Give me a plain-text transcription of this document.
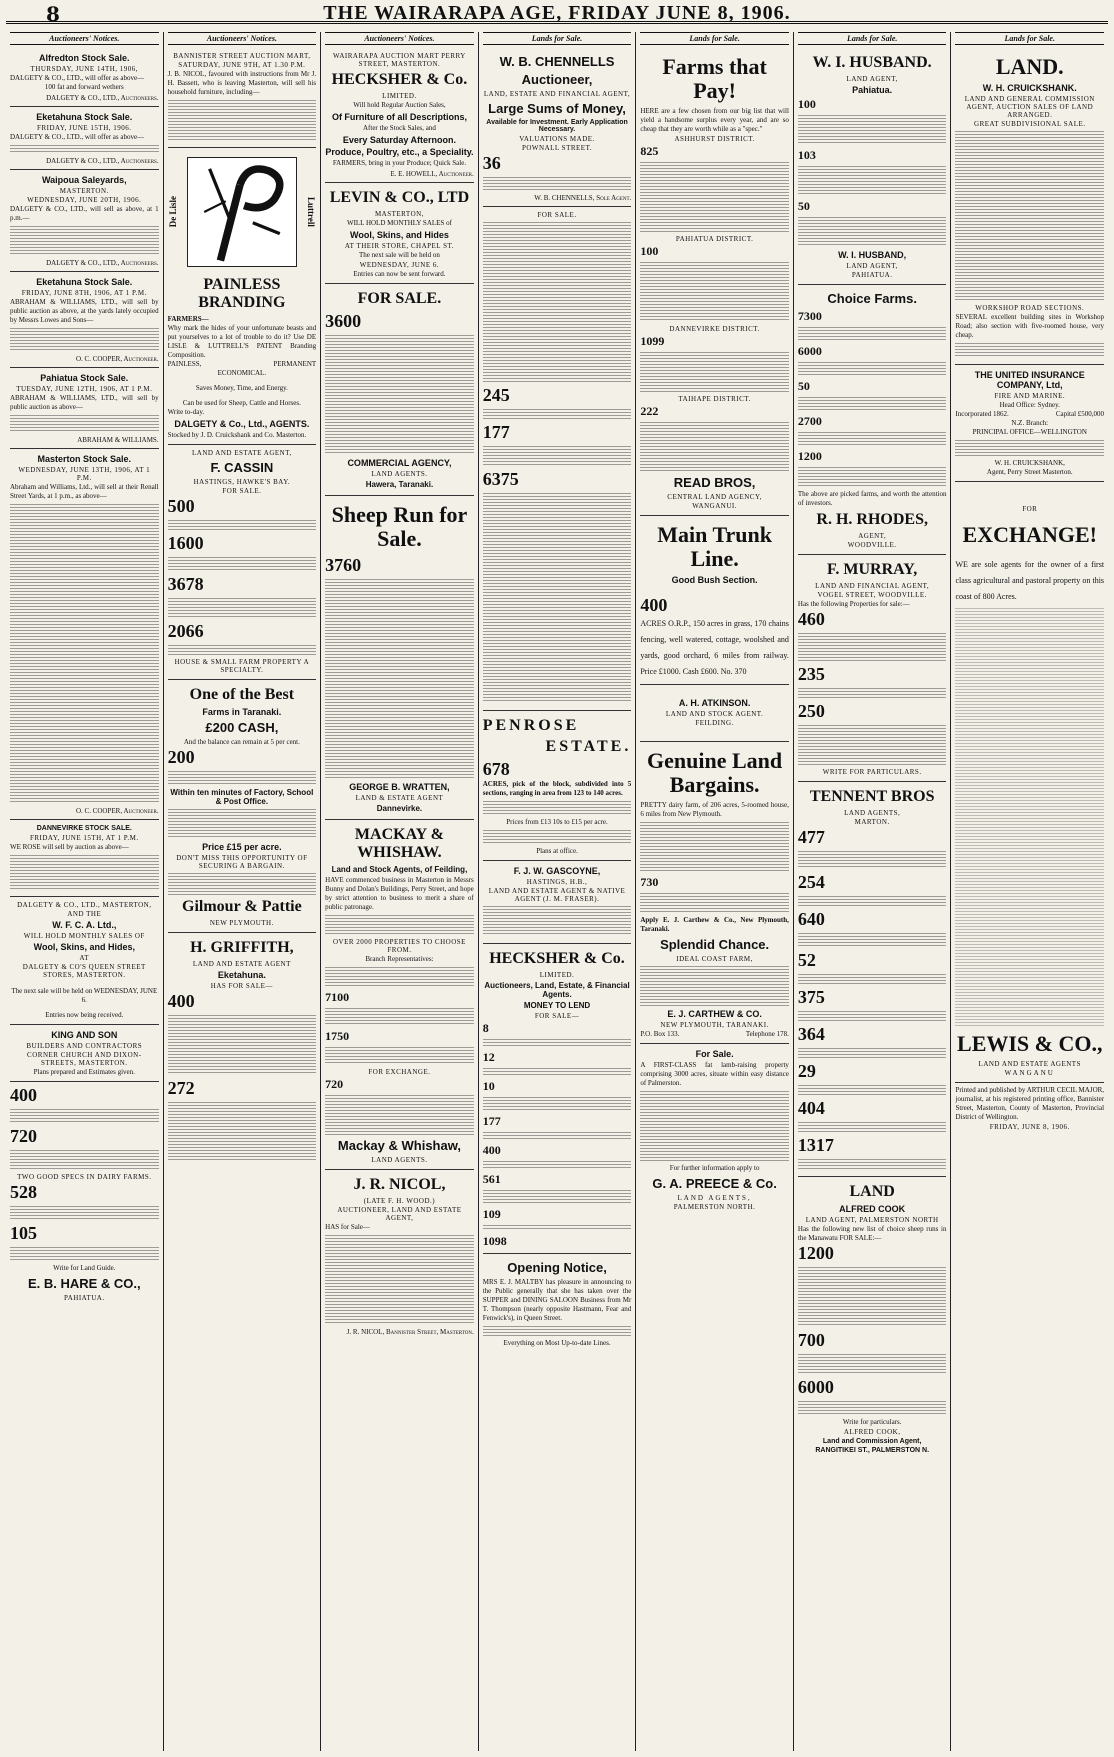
8	THE WAIRARAPA AGE, FRIDAY JUNE 8, 1906.
Auctioneers' Notices.
Alfredton Stock Sale.
THURSDAY, JUNE 14TH, 1906,
DALGETY & CO., LTD., will offer as above—
100 fat and forward wethers
DALGETY & CO., LTD., Auctioneers.
Eketahuna Stock Sale.
FRIDAY, JUNE 15TH, 1906.
DALGETY & CO., LTD., will offer as above—
DALGETY & CO., LTD., Auctioneers.
Waipoua Saleyards,
MASTERTON.
WEDNESDAY, JUNE 20TH, 1906.
DALGETY & CO., LTD., will sell as above, at 1 p.m.—
DALGETY & CO., LTD., Auctioneers.
Eketahuna Stock Sale.
FRIDAY, JUNE 8TH, 1906, AT 1 P.M.
ABRAHAM & WILLIAMS, LTD., will sell by public auction as above, at the yards lately occupied by Messrs Lowes and Sons—
O. C. COOPER, Auctioneer.
Pahiatua Stock Sale.
TUESDAY, JUNE 12TH, 1906, AT 1 P.M.
ABRAHAM & WILLIAMS, LTD., will sell by public auction as above—
ABRAHAM & WILLIAMS.
Masterton Stock Sale.
WEDNESDAY, JUNE 13TH, 1906, AT 1 P.M.
Abraham and Williams, Ltd., will sell at their Renall Street Yards, at 1 p.m., as above—
O. C. COOPER, Auctioneer.
DANNEVIRKE STOCK SALE.
FRIDAY, JUNE 15TH, AT 1 P.M.
WE ROSE will sell by auction as above—
DALGETY & CO., LTD., MASTERTON,
AND THE
W. F. C. A. Ltd.,
WILL HOLD MONTHLY SALES OF
Wool, Skins, and Hides,
AT
DALGETY & CO'S QUEEN STREET STORES, MASTERTON.
The next sale will be held on WEDNESDAY, JUNE 6.
Entries now being received.
KING AND SON
BUILDERS AND CONTRACTORS
CORNER CHURCH AND DIXON-STREETS, MASTERTON.
Plans prepared and Estimates given.
400
720
TWO GOOD SPECS IN DAIRY FARMS.
528
105
Write for Land Guide.
E. B. HARE & CO.,
PAHIATUA.
Auctioneers' Notices.
BANNISTER STREET AUCTION MART,
SATURDAY, JUNE 9TH, AT 1.30 P.M.
J. B. NICOL, favoured with instructions from Mr J. H. Bassett, who is leaving Masterton, will sell his household furniture, including—
De Lisle	Luttrell
PAINLESS BRANDING
FARMERS—
Why mark the hides of your unfortunate beasts and put yourselves to a lot of trouble to do it? Use DE LISLE & LUTTRELL'S PATENT Branding Composition.
PAINLESS,	PERMANENT
ECONOMICAL.
Saves Money, Time, and Energy.
Can be used for Sheep, Cattle and Horses.
Write to-day.
DALGETY & Co., Ltd., AGENTS.
Stocked by J. D. Cruickshank and Co. Masterton.
LAND AND ESTATE AGENT,
F. CASSIN
HASTINGS, HAWKE'S BAY.
FOR SALE.
500
1600
3678
2066
HOUSE & SMALL FARM PROPERTY A SPECIALTY.
One of the Best
Farms in Taranaki.
£200 CASH,
And the balance can remain at 5 per cent.
200
Within ten minutes of Factory, School & Post Office.
Price £15 per acre.
DON'T MISS THIS OPPORTUNITY OF SECURING A BARGAIN.
Gilmour & Pattie
NEW PLYMOUTH.
H. GRIFFITH,
LAND AND ESTATE AGENT
Eketahuna.
HAS FOR SALE—
400
272
Auctioneers' Notices.
WAIRARAPA AUCTION MART PERRY STREET, MASTERTON.
HECKSHER & Co.
LIMITED.
Will hold Regular Auction Sales,
Of Furniture of all Descriptions,
After the Stock Sales, and
Every Saturday Afternoon.
Produce, Poultry, etc., a Speciality.
FARMERS, bring in your Produce; Quick Sale.
E. E. HOWELL, Auctioneer.
LEVIN & CO., LTD
MASTERTON,
WILL HOLD MONTHLY SALES of
Wool, Skins, and Hides
AT THEIR STORE, CHAPEL ST.
The next sale will be held on
WEDNESDAY, JUNE 6.
Entries can now be sent forward.
FOR SALE.
3600
COMMERCIAL AGENCY,
LAND AGENTS.
Hawera, Taranaki.
Sheep Run for Sale.
3760
GEORGE B. WRATTEN,
LAND & ESTATE AGENT
Dannevirke.
MACKAY & WHISHAW.
Land and Stock Agents, of Feilding,
HAVE commenced business in Masterton in Messrs Bunny and Dolan's Buildings, Perry Street, and hope by strict attention to business to merit a share of public patronage.
OVER 2000 PROPERTIES TO CHOOSE FROM.
Branch Representatives:
7100
1750
FOR EXCHANGE.
720
Mackay & Whishaw,
LAND AGENTS.
J. R. NICOL,
(LATE F. H. WOOD.)
AUCTIONEER, LAND AND ESTATE AGENT,
HAS for Sale—
J. R. NICOL, Bannister Street, Masterton.
Lands for Sale.
W. B. CHENNELLS
Auctioneer,
LAND, ESTATE AND FINANCIAL AGENT,
Large Sums of Money,
Available for Investment. Early Application Necessary.
VALUATIONS MADE.
POWNALL STREET.
36
W. B. CHENNELLS, Sole Agent.
FOR SALE.
245
177
6375
PENROSE
ESTATE.
678
ACRES, pick of the block, subdivided into 5 sections, ranging in area from 123 to 140 acres.
Prices from £13 10s to £15 per acre.
Plans at office.
F. J. W. GASCOYNE,
HASTINGS, H.B.,
LAND AND ESTATE AGENT & NATIVE AGENT (J. M. FRASER).
HECKSHER & Co.
LIMITED.
Auctioneers, Land, Estate, & Financial Agents.
MONEY TO LEND
FOR SALE—
8
12
10
177
400
561
109
1098
Opening Notice,
MRS E. J. MALTBY has pleasure in announcing to the Public generally that she has taken over the SUPPER and DINING SALOON Business from Mr T. Thompson (nearly opposite Hastmann, Fear and Fenwick's), in Queen Street.
Everything on Most Up-to-date Lines.
Lands for Sale.
Farms that Pay!
HERE are a few chosen from our big list that will yield a handsome surplus every year, and are so cheap that they are worth while as a "spec."
ASHHURST DISTRICT.
825
PAHIATUA DISTRICT.
100
DANNEVIRKE DISTRICT.
1099
TAIHAPE DISTRICT.
222
READ BROS,
CENTRAL LAND AGENCY,
WANGANUI.
Main Trunk Line.
Good Bush Section.
400
ACRES O.R.P., 150 acres in grass, 170 chains fencing, well watered, cottage, woolshed and yards, good orchard, 6 miles from railway. Price £1000. Cash £600. No. 370
A. H. ATKINSON.
LAND AND STOCK AGENT.
FEILDING.
Genuine Land Bargains.
PRETTY dairy farm, of 206 acres, 5-roomed house, 6 miles from New Plymouth.
730
Apply E. J. Carthew & Co., New Plymouth, Taranaki.
Splendid Chance.
IDEAL COAST FARM,
E. J. CARTHEW & CO.
NEW PLYMOUTH, TARANAKI.
P.O. Box 133.	Telephone 178.
For Sale.
A FIRST-CLASS fat lamb-raising property comprising 3000 acres, situate within easy distance of Palmerston.
For further information apply to
G. A. PREECE & Co.
LAND AGENTS,
PALMERSTON NORTH.
Lands for Sale.
W. I. HUSBAND.
LAND AGENT,
Pahiatua.
100
103
50
W. I. HUSBAND,
LAND AGENT,
PAHIATUA.
Choice Farms.
7300
6000
50
2700
1200
The above are picked farms, and worth the attention of investors.
R. H. RHODES,
AGENT,
WOODVILLE.
F. MURRAY,
LAND AND FINANCIAL AGENT,
VOGEL STREET, WOODVILLE.
Has the following Properties for sale:—
460
235
250
WRITE FOR PARTICULARS.
TENNENT BROS
LAND AGENTS,
MARTON.
477
254
640
52
375
364
29
404
1317
LAND
ALFRED COOK
LAND AGENT, PALMERSTON NORTH
Has the following new list of choice sheep runs in the Manawatu FOR SALE:—
1200
700
6000
Write for particulars.
ALFRED COOK,
Land and Commission Agent,
RANGITIKEI ST., PALMERSTON N.
Lands for Sale.
LAND.
W. H. CRUICKSHANK.
LAND AND GENERAL COMMISSION AGENT, AUCTION SALES OF LAND ARRANGED.
GREAT SUBDIVISIONAL SALE.
WORKSHOP ROAD SECTIONS.
SEVERAL excellent building sites in Workshop Road; also section with five-roomed house, very cheap.
THE UNITED INSURANCE COMPANY, Ltd,
FIRE AND MARINE.
Head Office: Sydney.
Incorporated 1862.	Capital £500,000
N.Z. Branch:
PRINCIPAL OFFICE—WELLINGTON
W. H. CRUICKSHANK,
Agent, Perry Street Masterton.
FOR
EXCHANGE!
WE are sole agents for the owner of a first class agricultural and pastoral property on this coast of 800 Acres.
LEWIS & CO.,
LAND AND ESTATE AGENTS
WANGANU
Printed and published by ARTHUR CECIL MAJOR, journalist, at his registered printing office, Bannister Street, Masterton, County of Masterton, Provincial District of Wellington.
FRIDAY, JUNE 8, 1906.
